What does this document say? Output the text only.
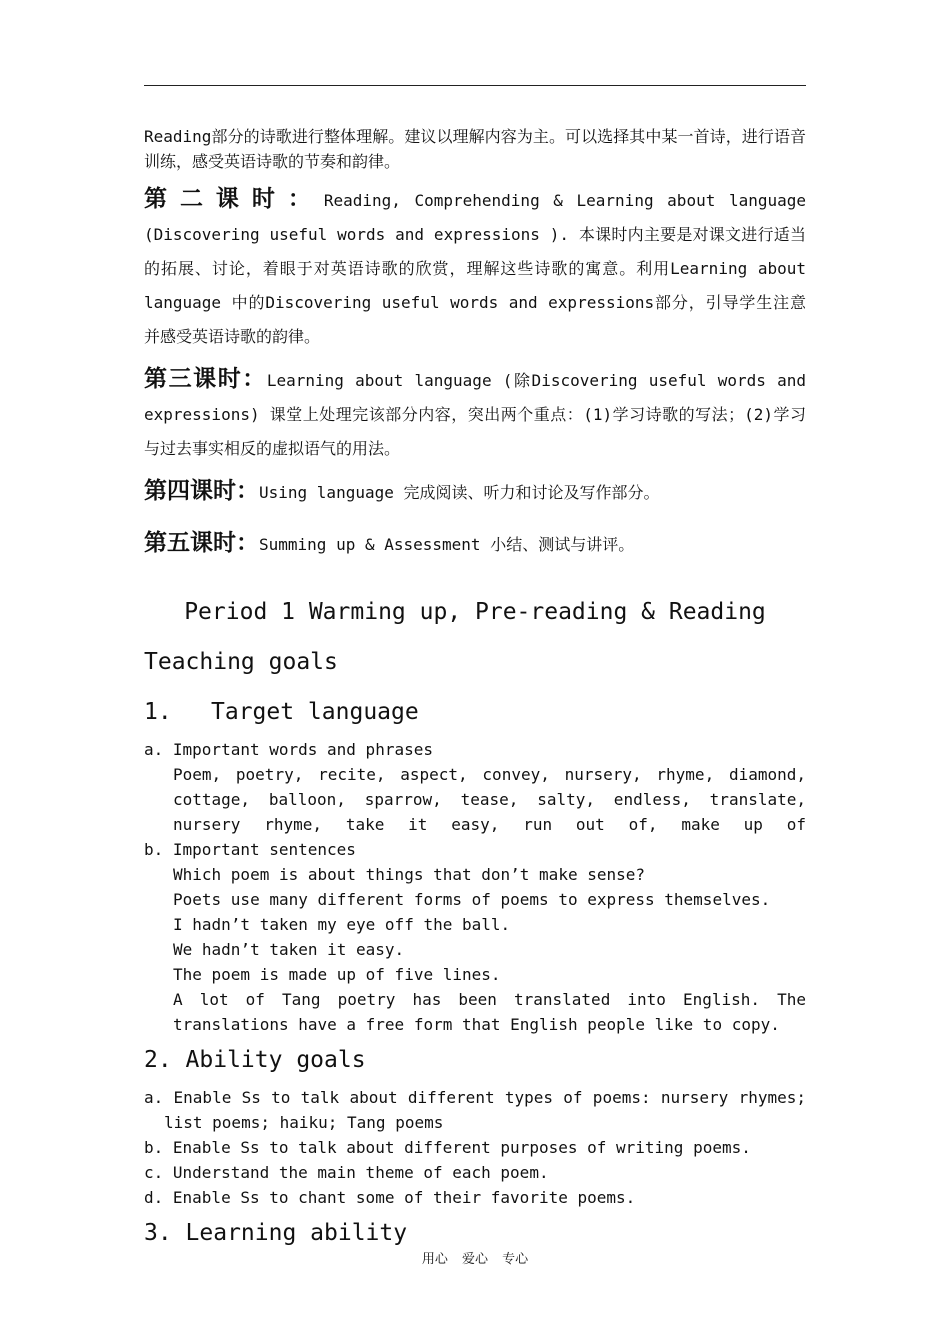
Reading部分的诗歌进行整体理解。建议以理解内容为主。可以选择其中某一首诗，进行语音训练，感受英语诗歌的节奏和韵律。

第二课时：Reading, Comprehending & Learning about language (Discovering useful words and expressions ). 本课时内主要是对课文进行适当的拓展、讨论，着眼于对英语诗歌的欣赏，理解这些诗歌的寓意。利用Learning about language 中的Discovering useful words and expressions部分，引导学生注意并感受英语诗歌的韵律。

第三课时：Learning about language (除Discovering useful words and expressions) 课堂上处理完该部分内容，突出两个重点：(1)学习诗歌的写法；(2)学习与过去事实相反的虚拟语气的用法。

第四课时：Using language 完成阅读、听力和讨论及写作部分。

第五课时：Summing up & Assessment 小结、测试与讲评。

Period 1 Warming up, Pre-reading & Reading
Teaching goals
1. Target language
a. Important words and phrases
Poem, poetry, recite, aspect, convey, nursery, rhyme, diamond, cottage, balloon, sparrow, tease, salty, endless, translate, nursery rhyme, take it easy, run out of, make up of
b. Important sentences
Which poem is about things that don’t make sense?
Poets use many different forms of poems to express themselves.
I hadn’t taken my eye off the ball.
We hadn’t taken it easy.
The poem is made up of five lines.
A lot of Tang poetry has been translated into English. The translations have a free form that English people like to copy.
2. Ability goals
a. Enable Ss to talk about different types of poems: nursery rhymes; list poems; haiku; Tang poems
b. Enable Ss to talk about different purposes of writing poems.
c. Understand the main theme of each poem.
d. Enable Ss to chant some of their favorite poems.
3. Learning ability
用心 爱心 专心
